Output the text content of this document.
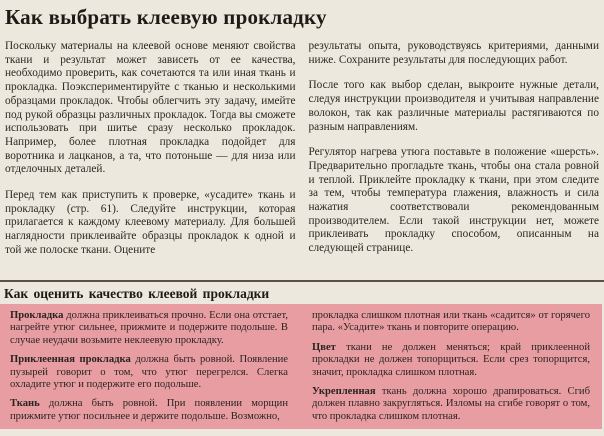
Как выбрать клеевую прокладку

Поскольку материалы на клеевой основе меняют свойства ткани и результат может зависеть от ее качества, необходимо проверить, как сочетаются та или иная ткань и прокладка. Поэкспериментируйте с тканью и несколькими образцами прокладок. Чтобы облегчить эту задачу, имейте под рукой образцы различных прокладок. Тогда вы сможете использовать при шитье сразу несколько прокладок. Например, более плотная прокладка подойдет для воротника и лацканов, а та, что потоньше — для низа или отделочных деталей.

Перед тем как приступить к проверке, «усадите» ткань и прокладку (стр. 61). Следуйте инструкции, которая прилагается к каждому клеевому материалу. Для большей наглядности приклеивайте образцы прокладок к одной и той же полоске ткани. Оцените

результаты опыта, руководствуясь критериями, данными ниже. Сохраните результаты для последующих работ.

После того как выбор сделан, выкроите нужные детали, следуя инструкции производителя и учитывая направление волокон, так как различные материалы растягиваются по разным направлениям.

Регулятор нагрева утюга поставьте в положение «шерсть». Предварительно прогладьте ткань, чтобы она стала ровной и теплой. Приклейте прокладку к ткани, при этом следите за тем, чтобы температура глажения, влажность и сила нажатия соответствовали рекомендованным производителем. Если такой инструкции нет, можете приклеивать прокладку способом, описанным на следующей странице.

Как оценить качество клеевой прокладки

Прокладка должна приклеиваться прочно. Если она отстает, нагрейте утюг сильнее, прижмите и подержите подольше. В случае неудачи возьмите неклеевую прокладку.

Приклеенная прокладка должна быть ровной. Появление пузырей говорит о том, что утюг перегрелся. Слегка охладите утюг и подержите его подольше.

Ткань должна быть ровной. При появлении морщин прижмите утюг посильнее и держите подольше. Возможно,

прокладка слишком плотная или ткань «садится» от горячего пара. «Усадите» ткань и повторите операцию.

Цвет ткани не должен меняться; край приклеенной прокладки не должен топорщиться. Если срез топорщится, значит, прокладка слишком плотная.

Укрепленная ткань должна хорошо драпироваться. Сгиб должен плавно закругляться. Изломы на сгибе говорят о том, что прокладка слишком плотная.
